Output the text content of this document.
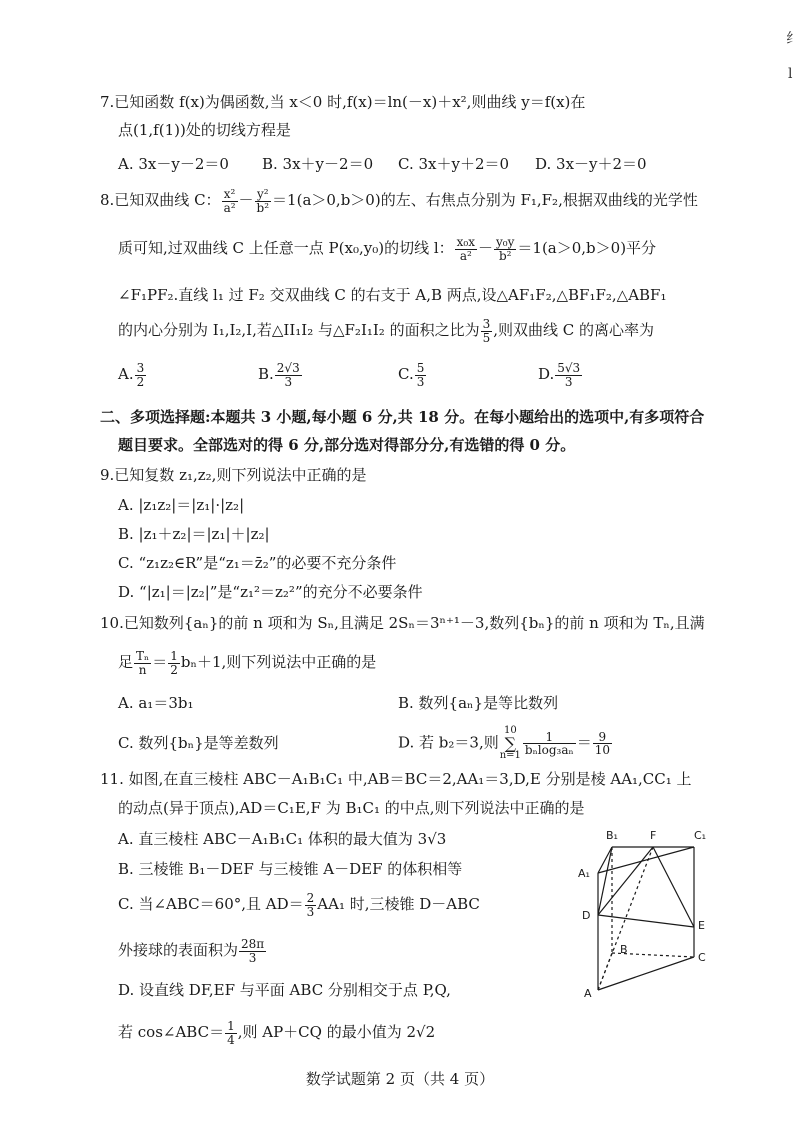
纟
l
7.已知函数 f(x)为偶函数,当 x＜0 时,f(x)＝ln(－x)＋x²,则曲线 y＝f(x)在
点(1,f(1))处的切线方程是
A. 3x－y－2＝0 B. 3x＋y－2＝0 C. 3x＋y＋2＝0 D. 3x－y＋2＝0
8.已知双曲线 C： $\frac{\text{x²}}{\text{a²}} - \frac{\text{y²}}{\text{b²}} =1(a>0,b>0)$的左、右焦点分别为 F₁,F₂,根据双曲线的光学性
质可知,过双曲线 C 上任意一点 P(x₀,y₀)的切线 l： $\frac{\text{x₀x}}{\text{a²}} - \frac{\text{y₀y}}{\text{b²}} =1(a>0,b>0)$平分
∠F₁PF₂.直线 l₁ 过 F₂ 交双曲线 C 的右支于 A,B 两点,设△AF₁F₂,△BF₁F₂,△ABF₁
的内心分别为 I₁,I₂,I,若△II₁I₂ 与△F₂I₁I₂ 的面积之比为 $\frac{3}{5}$ ,则双曲线 C 的离心率为
A. $\frac{3}{2}$	B. $\frac{2√3}{3}$	C. $\frac{5}{3}$	D. $\frac{5√3}{3}$
二、多项选择题:本题共 3 小题,每小题 6 分,共 18 分。在每小题给出的选项中,有多项符合
题目要求。全部选对的得 6 分,部分选对得部分分,有选错的得 0 分。
9.已知复数 z₁,z₂,则下列说法中正确的是
A. |z₁z₂|＝|z₁|·|z₂|
B. |z₁＋z₂|＝|z₁|＋|z₂|
C. “z₁z₂∈R”是“z₁＝z̄₂”的必要不充分条件
D. “|z₁|＝|z₂|”是“z₁²＝z₂²”的充分不必要条件
10.已知数列{aₙ}的前 n 项和为 Sₙ,且满足 2Sₙ＝3ⁿ⁺¹－3,数列{bₙ}的前 n 项和为 Tₙ,且满
足 $\frac{\text{Tₙ}}{n} = \frac{1}{2} b_n+1$,则下列说法中正确的是
A. a₁＝3b₁	B. 数列{aₙ}是等比数列
C. 数列{bₙ}是等差数列	D. 若 b₂＝3,则
10
∑
$n=1 \frac{1}{\text{bₙlog₃aₙ}} = \frac{9}{10}$
11. 如图,在直三棱柱 ABC－A₁B₁C₁ 中,AB＝BC＝2,AA₁＝3,D,E 分别是棱 AA₁,CC₁ 上
的动点(异于顶点),AD＝C₁E,F 为 B₁C₁ 的中点,则下列说法中正确的是
A. 直三棱柱 ABC－A₁B₁C₁ 体积的最大值为 3√3
B. 三棱锥 B₁－DEF 与三棱锥 A－DEF 的体积相等
C. 当∠ABC＝60°,且 $AD= \frac{2}{3} AA_1$ 时,三棱锥 D－ABC
外接球的表面积为 $\frac{28\pi}{3}$
D. 设直线 DF,EF 与平面 ABC 分别相交于点 P,Q,
若 cos∠ABC＝ $\frac{1}{4}$ ,则 AP＋CQ 的最小值为 2√2
B₁	F	C₁
A₁
D
E
B
C
A
数学试题第 2 页（共 4 页）
